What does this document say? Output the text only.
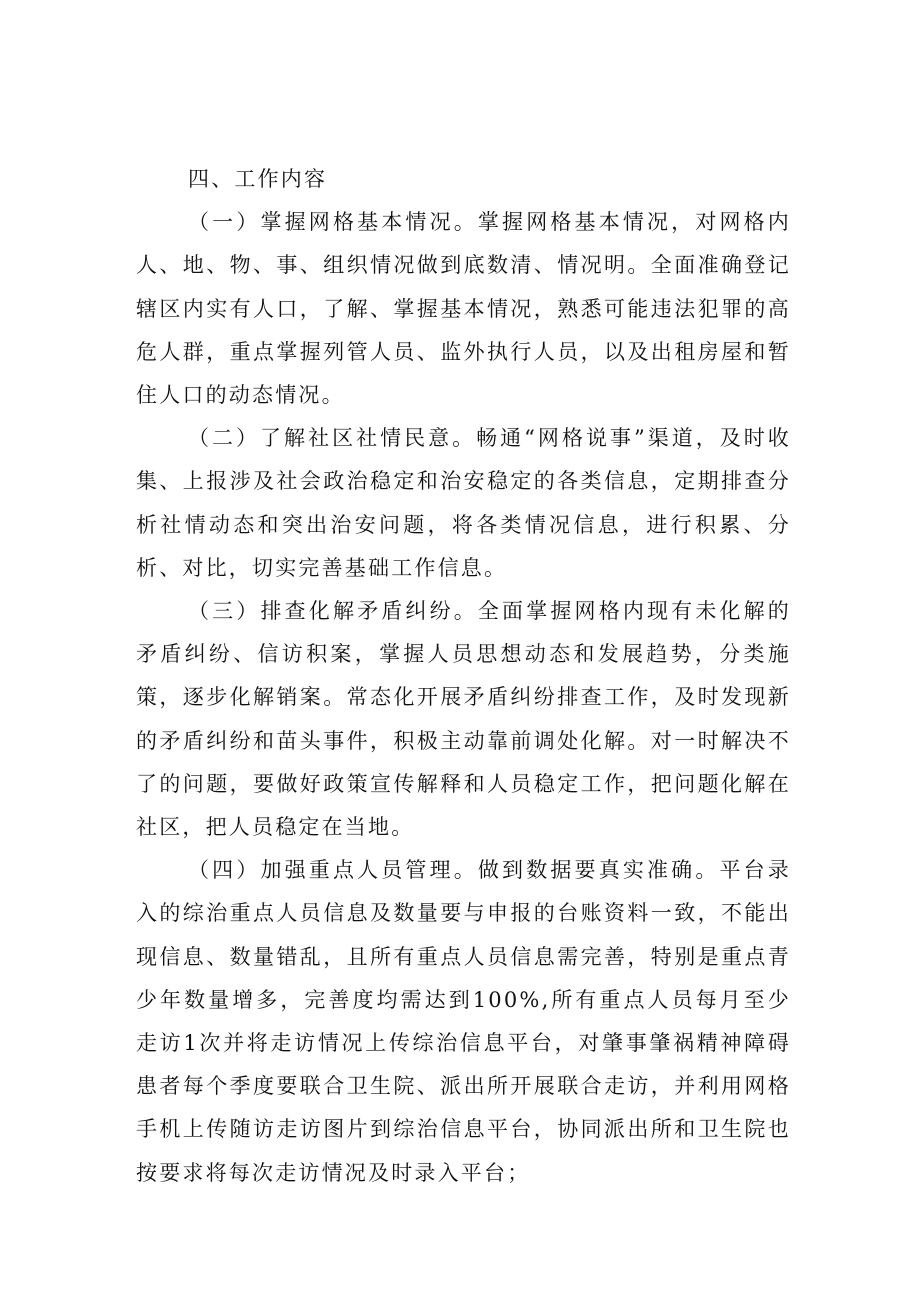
四、工作内容

（一）掌握网格基本情况。掌握网格基本情况，对网格内人、地、物、事、组织情况做到底数清、情况明。全面准确登记辖区内实有人口，了解、掌握基本情况，熟悉可能违法犯罪的高危人群，重点掌握列管人员、监外执行人员，以及出租房屋和暂住人口的动态情况。

（二）了解社区社情民意。畅通“网格说事”渠道，及时收集、上报涉及社会政治稳定和治安稳定的各类信息，定期排查分析社情动态和突出治安问题，将各类情况信息，进行积累、分析、对比，切实完善基础工作信息。

（三）排查化解矛盾纠纷。全面掌握网格内现有未化解的矛盾纠纷、信访积案，掌握人员思想动态和发展趋势，分类施策，逐步化解销案。常态化开展矛盾纠纷排查工作，及时发现新的矛盾纠纷和苗头事件，积极主动靠前调处化解。对一时解决不了的问题，要做好政策宣传解释和人员稳定工作，把问题化解在社区，把人员稳定在当地。

（四）加强重点人员管理。做到数据要真实准确。平台录入的综治重点人员信息及数量要与申报的台账资料一致，不能出现信息、数量错乱，且所有重点人员信息需完善，特别是重点青少年数量增多，完善度均需达到100%,所有重点人员每月至少走访1次并将走访情况上传综治信息平台，对肇事肇祸精神障碍患者每个季度要联合卫生院、派出所开展联合走访，并利用网格手机上传随访走访图片到综治信息平台，协同派出所和卫生院也按要求将每次走访情况及时录入平台；
